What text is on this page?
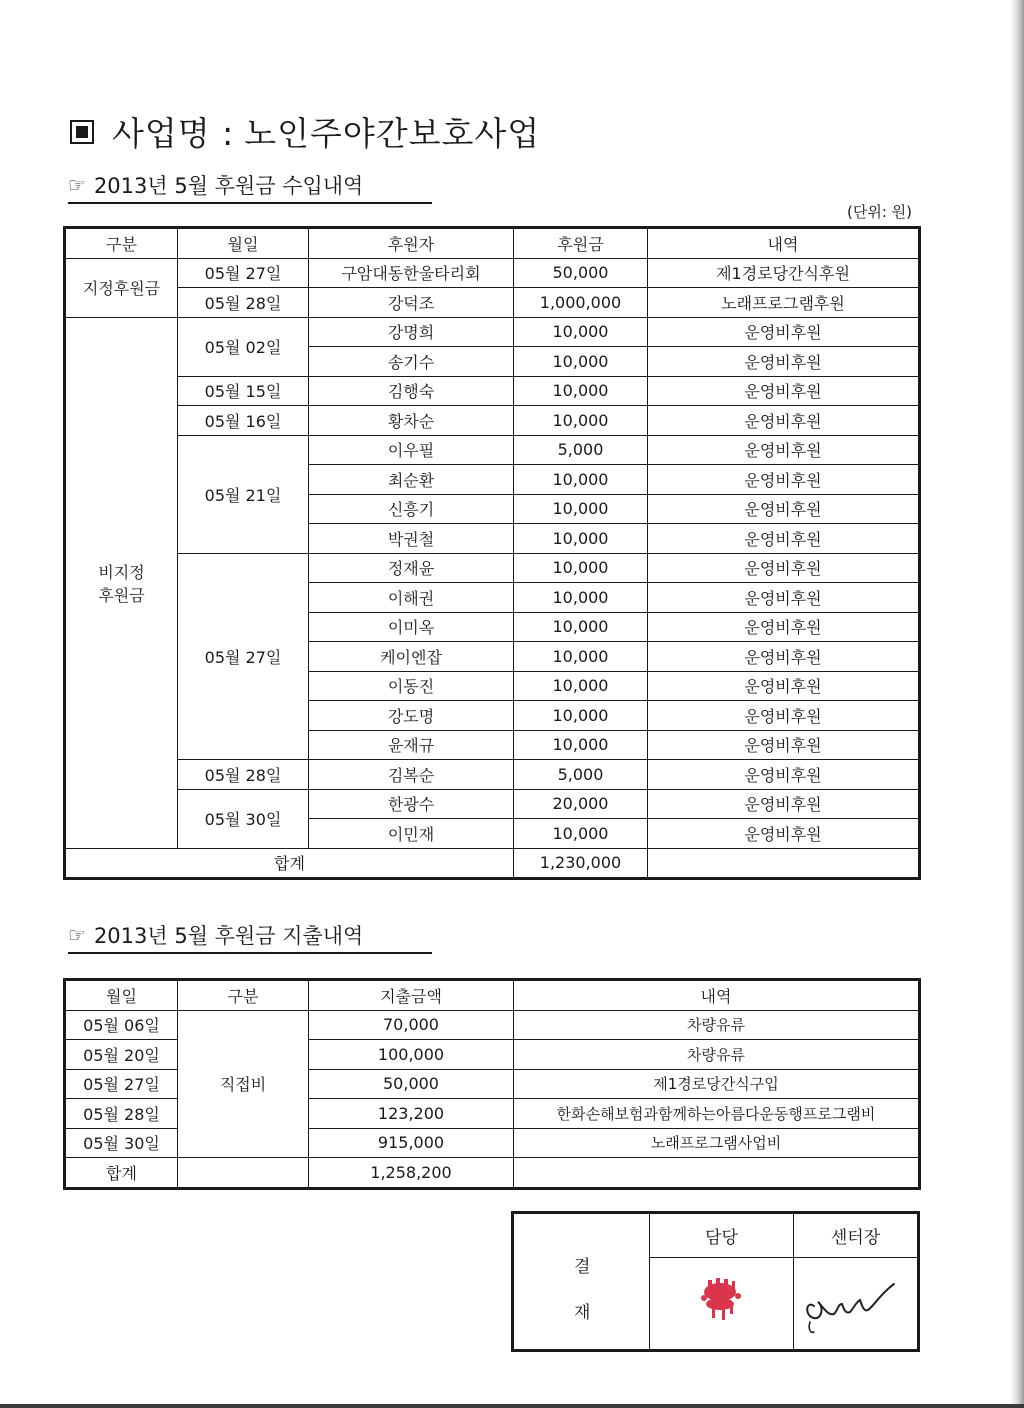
사업명 : 노인주야간보호사업
☞ 2013년 5월 후원금 수입내역
(단위: 원)
구분	월일	후원자	후원금	내역
지정후원금	05월 27일	구암대동한울타리회	50,000	제1경로당간식후원
	05월 28일	강덕조	1,000,000	노래프로그램후원
비지정
후원금	05월 02일	강명희	10,000	운영비후원
		송기수	10,000	운영비후원
	05월 15일	김행숙	10,000	운영비후원
	05월 16일	황차순	10,000	운영비후원
	05월 21일	이우필	5,000	운영비후원
		최순환	10,000	운영비후원
		신흥기	10,000	운영비후원
		박권철	10,000	운영비후원
	05월 27일	정재윤	10,000	운영비후원
		이해권	10,000	운영비후원
		이미옥	10,000	운영비후원
		케이엔잡	10,000	운영비후원
		이동진	10,000	운영비후원
		강도명	10,000	운영비후원
		윤재규	10,000	운영비후원
	05월 28일	김복순	5,000	운영비후원
	05월 30일	한광수	20,000	운영비후원
		이민재	10,000	운영비후원
합계			1,230,000	
☞ 2013년 5월 후원금 지출내역
월일	구분	지출금액	내역
05월 06일	직접비	70,000	차량유류
05월 20일		100,000	차량유류
05월 27일		50,000	제1경로당간식구입
05월 28일		123,200	한화손해보험과함께하는아름다운동행프로그램비
05월 30일		915,000	노래프로그램사업비
합계		1,258,200	
결
재
담당	센터장
